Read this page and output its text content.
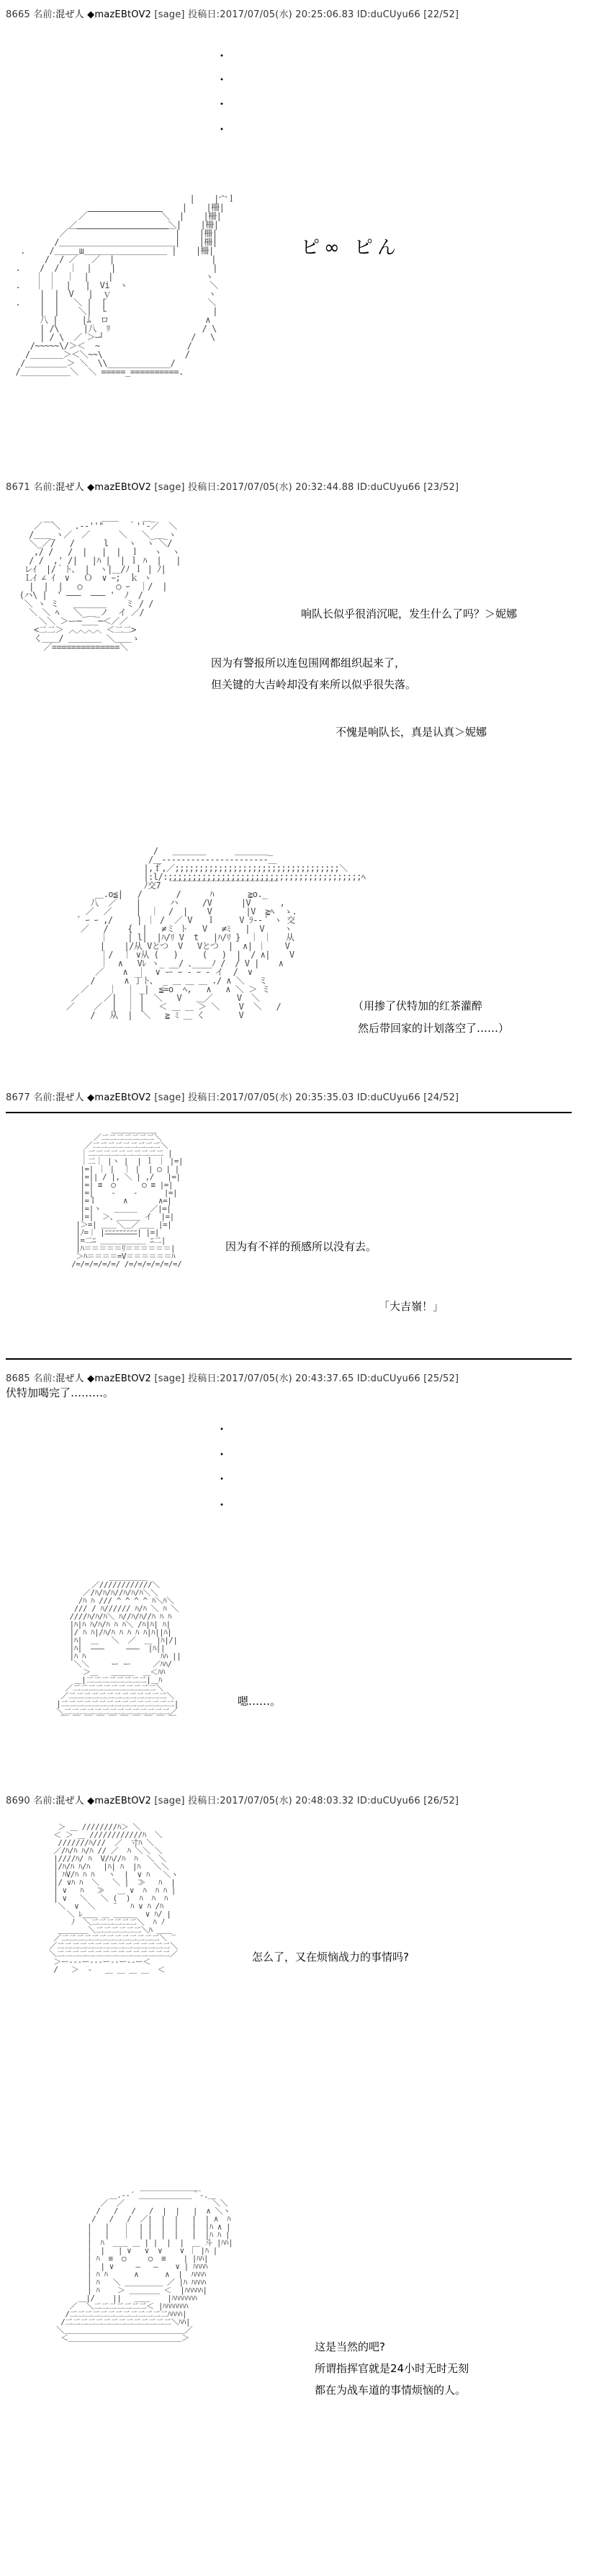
8665 名前:混ぜ人 ◆mazEBtOV2 [sage] 投稿日:2017/07/05(水) 20:25:06.83 ID:duCUyu66 [22/52]
・
・
・
・
|    |宀ｌ
＿＿＿＿＿＿＿＿＿    |    |柵|
／￣￣￣￣￣￣￣￣￣＼  |    |柵|
／＿＿＿＿＿＿＿＿＿＿＿＼|    |柵|
／￣￣￣￣￣￣￣￣￣￣￣￣￣|    |柵|
/＿＿＿＿＿＿＿＿＿＿＿＿＿＿|    |柵|
.     /＿＿＿ш＿＿＿＿＿＿＿＿＿＿ |    |柵|
/  / ／   ／  |                    |
.    /  /  ｜  |    |                    |
｜ ｜  ｜  |    |                   ヽ
.   ｜ ｜  |   |  Vi  ヽ                 ＼
|  |  V   |  ｙ                    ヽ
.    |  |   ＼ |  |                     ＼
|  |    ＼|  └                      |
八 |     |ﾑ  ロ                    ∧
| /\     |八  ﾘ                   / \
| / \  ／ ＞ｰ┘                  /   \
/~~~~~\/＞＜  ~                  /
/＿＿＿＿＞＜＼~~\                 /
/＿＿＿＿＿＞ ＼  \\_____________/
/＿＿＿＿＿＿＼  ＼ =====_==========.
ピ∞ ピん
8671 名前:混ぜ人 ◆mazEBtOV2 [sage] 投稿日:2017/07/05(水) 20:32:44.88 ID:duCUyu66 [23/52]
__          ＿＿     ＿_
／  ＼   .-‐''"     ｀''‐／  ＼
/＿＿_ヽ／  ／      ＼   ＼_＿_ヽ
＼_／/   /      l    ヽ  ヽ ＼/
,/ /   /  |   |  |  ｌ   ヽ  ヽ
/ /  ,' /|   |ﾊ |  | ｌ ﾊ  |   |
レｲ  |/｀ト、 |  ヽ|＿/ﾉ ｌ | ﾉ|
Ｌｲ ∠ ｲ  ∨   Ｏ  ∨ ｰ;  ｋ ヽ
|  |  |   ○       ○ ｰ  ｜/  |
(ハ\ |  ' ―――  ――― '  ﾉ  /
＼ ヽ ミ   ＿＿＿＿    ミ / /
＼ ＼ ﾍ   ＼_＿_ノ  イ ／/
＼＼ ＞ー─＿＿─＜／／
<二二＞ ︿︿︿︿ ＜二二>
く＿＿/ ＿＿＿＿ ＼＿＿ゝ
／==============＼
响队长似乎很消沉呢，发生什么了吗？＞妮娜
因为有警报所以连包围网都组织起来了，
但关键的大吉岭却没有来所以似乎很失落。
不愧是响队长，真是认真＞妮娜
/   ＿＿＿＿      ＿＿＿＿_
/＿-‐‐‐‐‐‐‐‐‐‐‐‐‐‐‐‐‐‐‐‐‐＿
|,ｆ,／;;;;;;;;;;;;;;;;;;;;;;;;;;;;;;;;;;＼
|:l/:;;;;;;;;;;;;;;;;;;;;;;;;;;;;;;;;;;;;;;;;ﾍ
ﾉ交7  ￣￣￣￣￣￣￣￣￣￣￣￣￣
＿.o≦|   /       /      ﾊ       ≧o._
八  ／    |      ハ     /V      |V      ,
／  ／     |  ｜  /  |    V       |V  ≧ﾍ  ゝ.
´ ｰ ｰ ,/     | ｜ /  ／ V   ｌ     V ﾗ‐‐ ﾞ ヽ 交
／   /    {  |   ≠ミ ト   V   ≠ﾐ   |  V    ヽ
｜    | l|  |ﾊ/ﾘ V  t   |ﾊ/ﾘ }  ｜ ｜   从
|    |/从 Vとつ  V   Vとつ  |  ∧| ｜    V
｜/  ｜ ∨从 (   )     (   )  |  / ∧|    V
｜  ∧   Vﾚ ヽ_ __/ ､____ﾉ /  / V |    ∧
／    ∧  ｜  ∨ ー ｰ ‐ ｰ ‐ イ  /  ∨
/      ∧ 丁ト、 _ ＿ ＿ ＿ ./ ∧ ＼   ミ
／    ｜  ｜ _|  ≦=o  ﾍ,   ∧   ∧ ＼ ＞ ミ
／     ／|  ｜ |  ＼   V   ＿／     V  ＼
／    ／  |  ｜ |   ＜ ＿ ＿ ＞ ＼    V  ＼   /
/   从  |  ＼   ≧ ﾐ ＿ く       V
（用掺了伏特加的红茶灌醉
然后带回家的计划落空了……）
8677 名前:混ぜ人 ◆mazEBtOV2 [sage] 投稿日:2017/07/05(水) 20:35:35.03 ID:duCUyu66 [24/52]
＿＿＿＿＿＿
／二二二二二二二＼
／二二二二二二二二二＼
｜二二二二二二二二二二 |
｜二｜ |ヽ |  | ｌ ｜ |=|
|=| ｜ |  ｜ |  | ○ | |
|=|| / |, ＼ | ,/   |=|
|=| ≡  ○      ○ ≡ |=|
|=|    ‐    ‐      |=|
|=ｌ      ∧       ∧=|
|=|ヽ   ＿＿＿   ／|=|
|=|  ＞、＿＿＿ イ  |=|
|＞=| ＿＿＼＿／＿＿ |=|
|ﾉ=｜ |ﾆﾆﾆﾆﾆﾆﾆﾆﾆ| |=|
|=二ﾆ ＿＿＿＿＿＿ ﾆ二|
|ﾊ＝＝＝＝＝ﾘ＝＝＝＝＝＝|
＞ﾊ＝＝＝＝=V＝＝＝＝＝＝ﾊ
/=/=/=/=/=/ /=/=/=/=/=/=/
因为有不祥的预感所以没有去。
「大吉嶺！」
8685 名前:混ぜ人 ◆mazEBtOV2 [sage] 投稿日:2017/07/05(水) 20:43:37.65 ID:duCUyu66 [25/52]
伏特加喝完了………。
・
・
・
・
＿＿＿＿＿
／////////////＼
／/ﾊ/ﾊ/ﾊ//ﾊ/ﾊ/ﾊ＼＼
/ﾊ ﾊ /// ^ ^ ^ ^ ﾊ＼ﾊ＼
/// / ﾊ////// ﾊ/ﾊ ＼ ﾊ ＼
////ﾊ/ﾊ/ﾊ＼ ﾊ//ﾊ/ﾊ//ﾊ ﾊ ﾊ
|ﾊ|ﾊ ﾊ/ﾊ/ﾊ ﾊ ﾊ＼ /ﾊ|ﾊ| ﾊ|
|/ ﾊ ﾊ|/ﾊ/ﾊ ﾊ ﾊ ﾊ ﾊ|ﾊ||ﾊ|
|ﾊ|  ＿   ＼  ／  ＿ |ﾊ|/|
|ﾊ|  ―――     ―――  |ﾊ||
|ﾊ ﾊ                 ﾊﾊ ||
＼＼     ー ー     ／ﾊﾊ/
＞＿   ＿＿＿  ＿＜ﾊﾊ
＿|二二二二二二二二|＿ﾊ
／二二二二二二二二二二二＼
／二二二二二二二二二二二二二＼
|二二二二二二二二二二二二二二二|
＼二二二二二二二二二二二二二二／
￣ ￣ ￣ ￣ ￣ ￣ ￣ ￣ ￣ ￣
嗯……。
8690 名前:混ぜ人 ◆mazEBtOV2 [sage] 投稿日:2017/07/05(水) 20:48:03.32 ID:duCUyu66 [26/52]
＞ ＿ ////////ﾊ＞ ＼
＜ ＞ ＿ ////////////ﾊ  ＼
///////ﾊ///  ／  寸ﾊ ＼
／/ﾊ/ﾊ ﾊ/ﾊ // ／  ﾊ ＼＼ ＼
|////ﾊ/ ﾊ  V/ﾊ//ﾊ  ﾊ  ＼ ＼
|/ﾊ/ﾊ ﾊ/ﾊ   |ﾊ| ﾊ  |ﾊ   ＼＼
| ﾊV/ﾊ ﾊ ﾊ   ヽ  |  ∨ ﾊ   ＼ヽ
|/ ∨ﾊ ﾊ  ＼   ＼ |  ≫   ﾊ  |
| ∨   ﾊ   ≫   ＿ ∨  ﾊ  ﾊ ﾊ |
| ∨   ＼   ＼ (  )  ﾊ  ﾊ  ﾊ
＼  ∨  ＼    ¨   ﾊ ∨ ﾊ /ﾊ
＼ ﾚ＿＿ ＿ ＿＿＿  ∨ ﾊ/ |
ﾉ  ＼二二二二二二＼  ﾊ ﾉ
＿＿＿＿＼二二二二二二＼ﾊ ＿＿
／二二二二二二二二二二二二二＼ ‾
／二二二二二二二二二二二二二二二＼
＼二二二二二二二二二二二二二二二／
＞ー‐‐‐ー‐‐‐ー‐‐ー‐‐ー＜
/   ＞  ‐   ＿ ＿ ＿ ＿  ＜
怎么了，又在烦恼战力的事情吗?
＿＿＿＿＿＿＿＿
＿.-‐´ ＿＿＿＿＿＿＿｀‐.＿
／  ／                    ＼＼
/   /   /   /  |  |   |  ∧ ＼ヽ
/   /   /  ／|  |  |   |  | ∧  ﾊ
|   |   ｜  | |  |  |   |  |ﾊ ∧ |
|   |   ｜  | |  |  |   |  |ﾊ ﾊ |
|  ﾊ  ＿＿ ＿ | |  |  |  ＿ 斗 |ﾊﾊ|
|  |   | ∨   ∨  ∨    ∨ ｜ |ﾊ |
| ﾊ  ≡  ○     ○  ≡    | |ﾊﾊ|
|  | ∨     ―   ―    ∨ | ﾊﾊﾊﾊ
| ﾊ ﾊ      ∧      ∧  |  ﾊﾊﾊﾊ
| ﾊ   ＼ ＿＿＿＿＿ ／ |ﾊ ﾊﾊﾊﾊ
| ﾊ    ＞ ＿＿＿＿ ＜  |ﾊﾊﾊﾊﾊ|
＿|/    ||   ＿＿    |ﾊﾊﾊﾊﾊﾊﾊ
／  ＼二二二二二二二＜ |ﾊﾊﾊﾊﾊﾊﾊ
/二二二二二二二二二二二二二ﾊﾊﾊﾊ|
/二二二二二二二二二二二二二二＼ﾊﾊ|
＼＿＿＿＿＿＿＿＿＿＿＿＿＿＿＿＿／
＜＿＿＿＿＿＿＿＿＿＿＿＿＿＿＿＞
这是当然的吧?
所谓指挥官就是24小时无时无刻
都在为战车道的事情烦恼的人。
